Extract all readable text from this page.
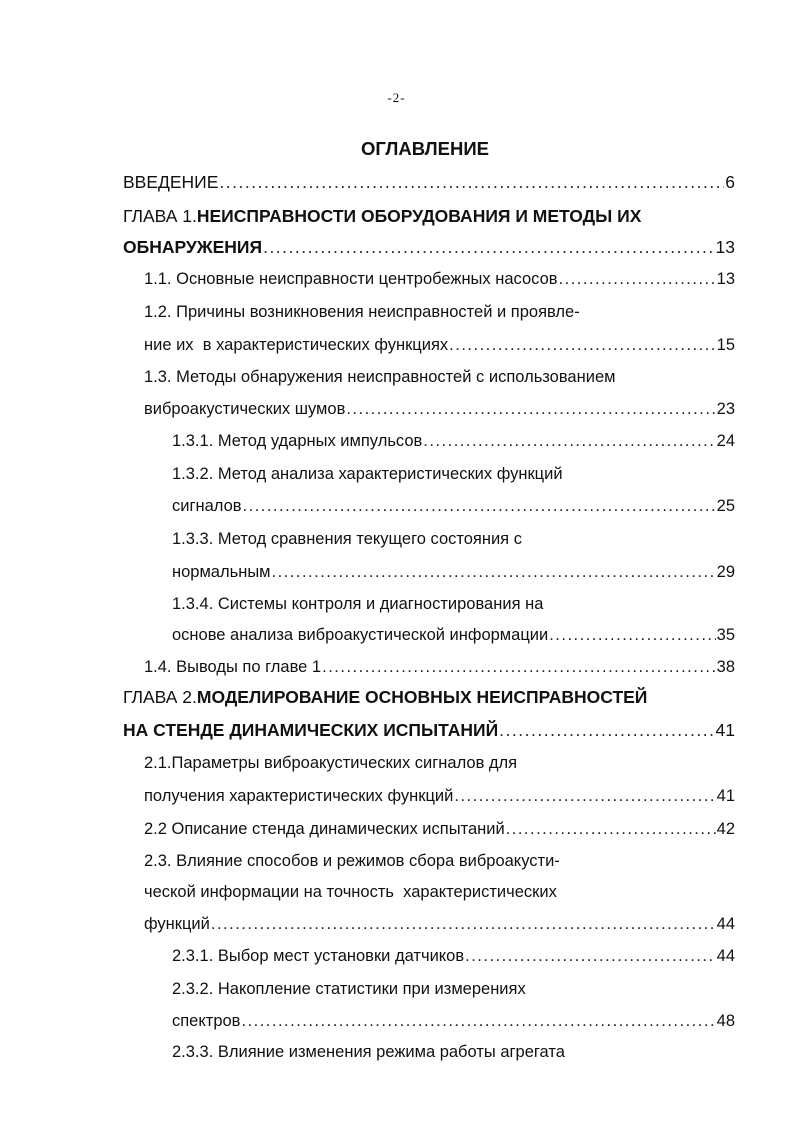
-2-
ОГЛАВЛЕНИЕ
ВВЕДЕНИЕ .....	6
ГЛАВА 1. НЕИСПРАВНОСТИ ОБОРУДОВАНИЯ И МЕТОДЫ ИХ
ОБНАРУЖЕНИЯ .....	13
1.1. Основные неисправности центробежных насосов .....	13
1.2. Причины возникновения неисправностей и проявле-
ние их  в характеристических функциях .....	15
1.3. Методы обнаружения неисправностей с использованием
виброакустических шумов .....	23
1.3.1. Метод ударных импульсов .....	24
1.3.2. Метод анализа характеристических функций
сигналов .....	25
1.3.3. Метод сравнения текущего состояния с
нормальным .....	29
1.3.4. Системы контроля и диагностирования на
основе анализа виброакустической информации .....	35
1.4. Выводы по главе 1 .....	38
ГЛАВА 2. МОДЕЛИРОВАНИЕ ОСНОВНЫХ НЕИСПРАВНОСТЕЙ
НА СТЕНДЕ ДИНАМИЧЕСКИХ ИСПЫТАНИЙ .....	41
2.1.Параметры виброакустических сигналов для
получения характеристических функций .....	41
2.2 Описание стенда динамических испытаний .....	42
2.3. Влияние способов и режимов сбора виброакусти-
ческой информации на точность  характеристических
функций .....	44
2.3.1. Выбор мест установки датчиков .....	44
2.3.2. Накопление статистики при измерениях
спектров .....	48
2.3.3. Влияние изменения режима работы агрегата
